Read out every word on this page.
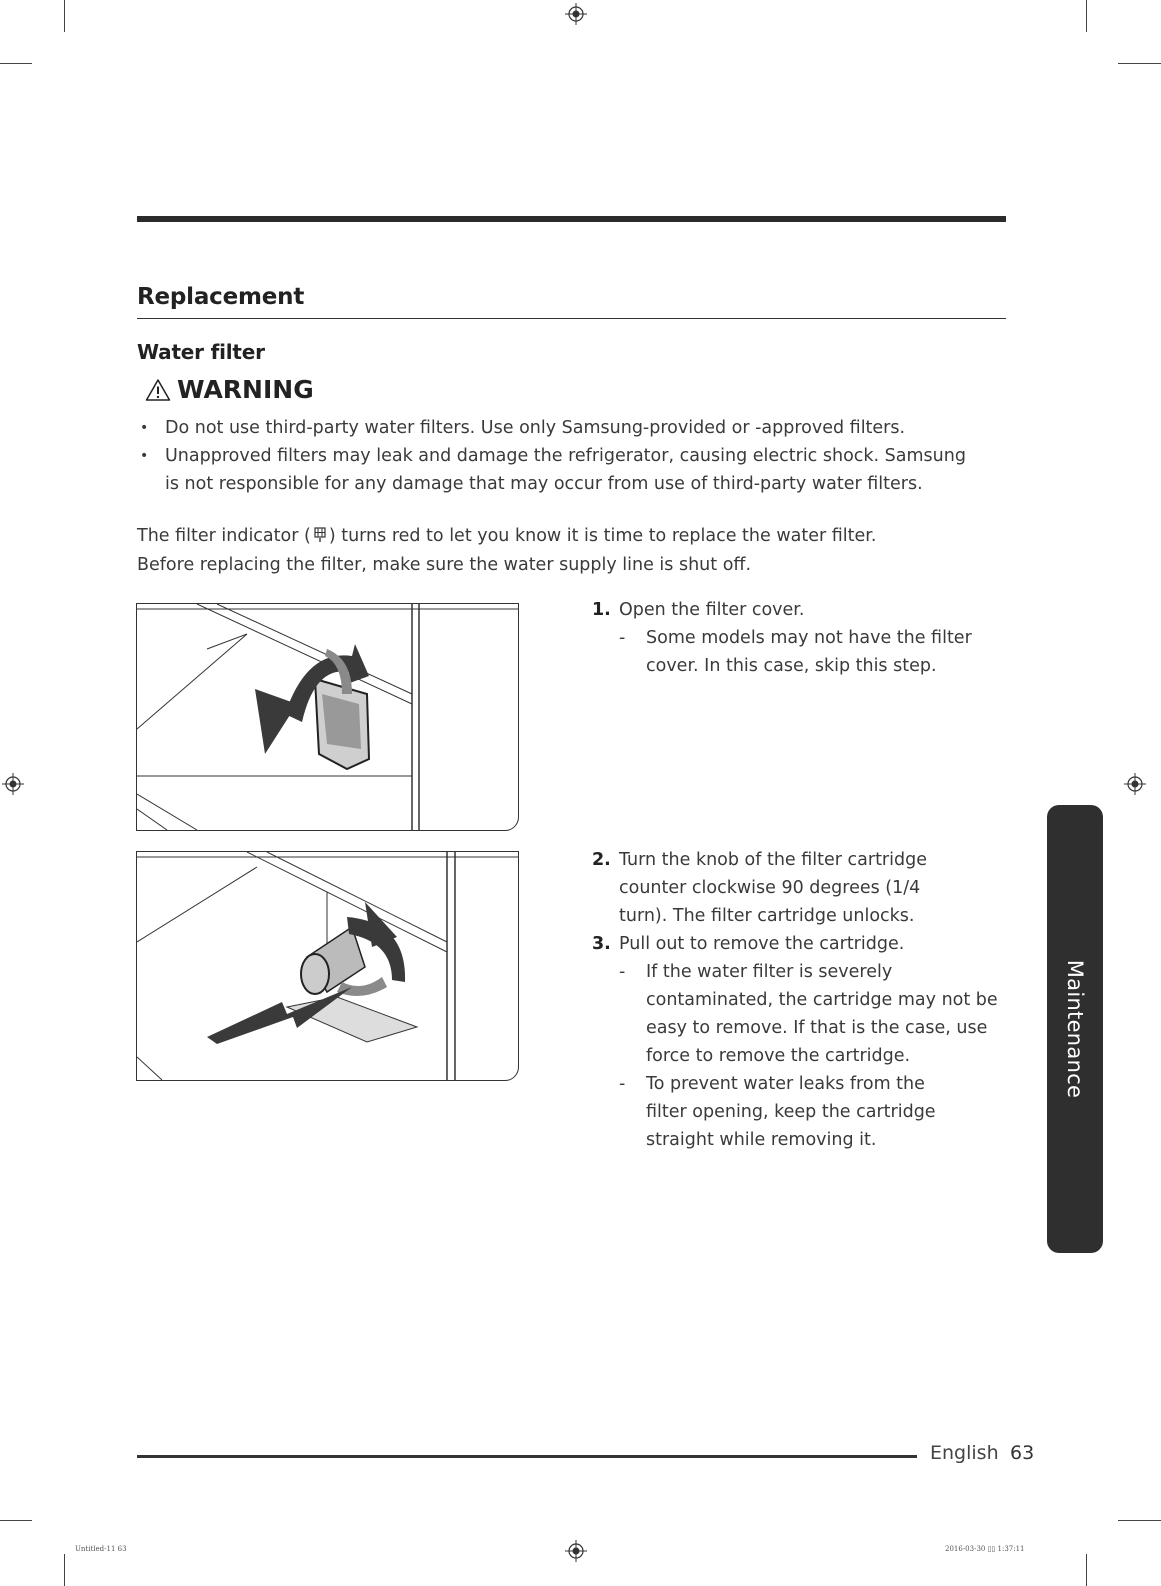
Replacement
Water filter
WARNING
• Do not use third-party water filters. Use only Samsung-provided or -approved filters.
• Unapproved filters may leak and damage the refrigerator, causing electric shock. Samsung is not responsible for any damage that may occur from use of third-party water filters.
The filter indicator ( ) turns red to let you know it is time to replace the water filter.
Before replacing the filter, make sure the water supply line is shut off.
1. Open the filter cover.
-	Some models may not have the filter cover. In this case, skip this step.
2. Turn the knob of the filter cartridge counter clockwise 90 degrees (1/4 turn). The filter cartridge unlocks.
3. Pull out to remove the cartridge.
-	If the water filter is severely contaminated, the cartridge may not be easy to remove. If that is the case, use force to remove the cartridge.
-	To prevent water leaks from the filter opening, keep the cartridge straight while removing it.
Maintenance
English 63
Untitled-11 63	2016-03-30 ▯▯ 1:37:11
